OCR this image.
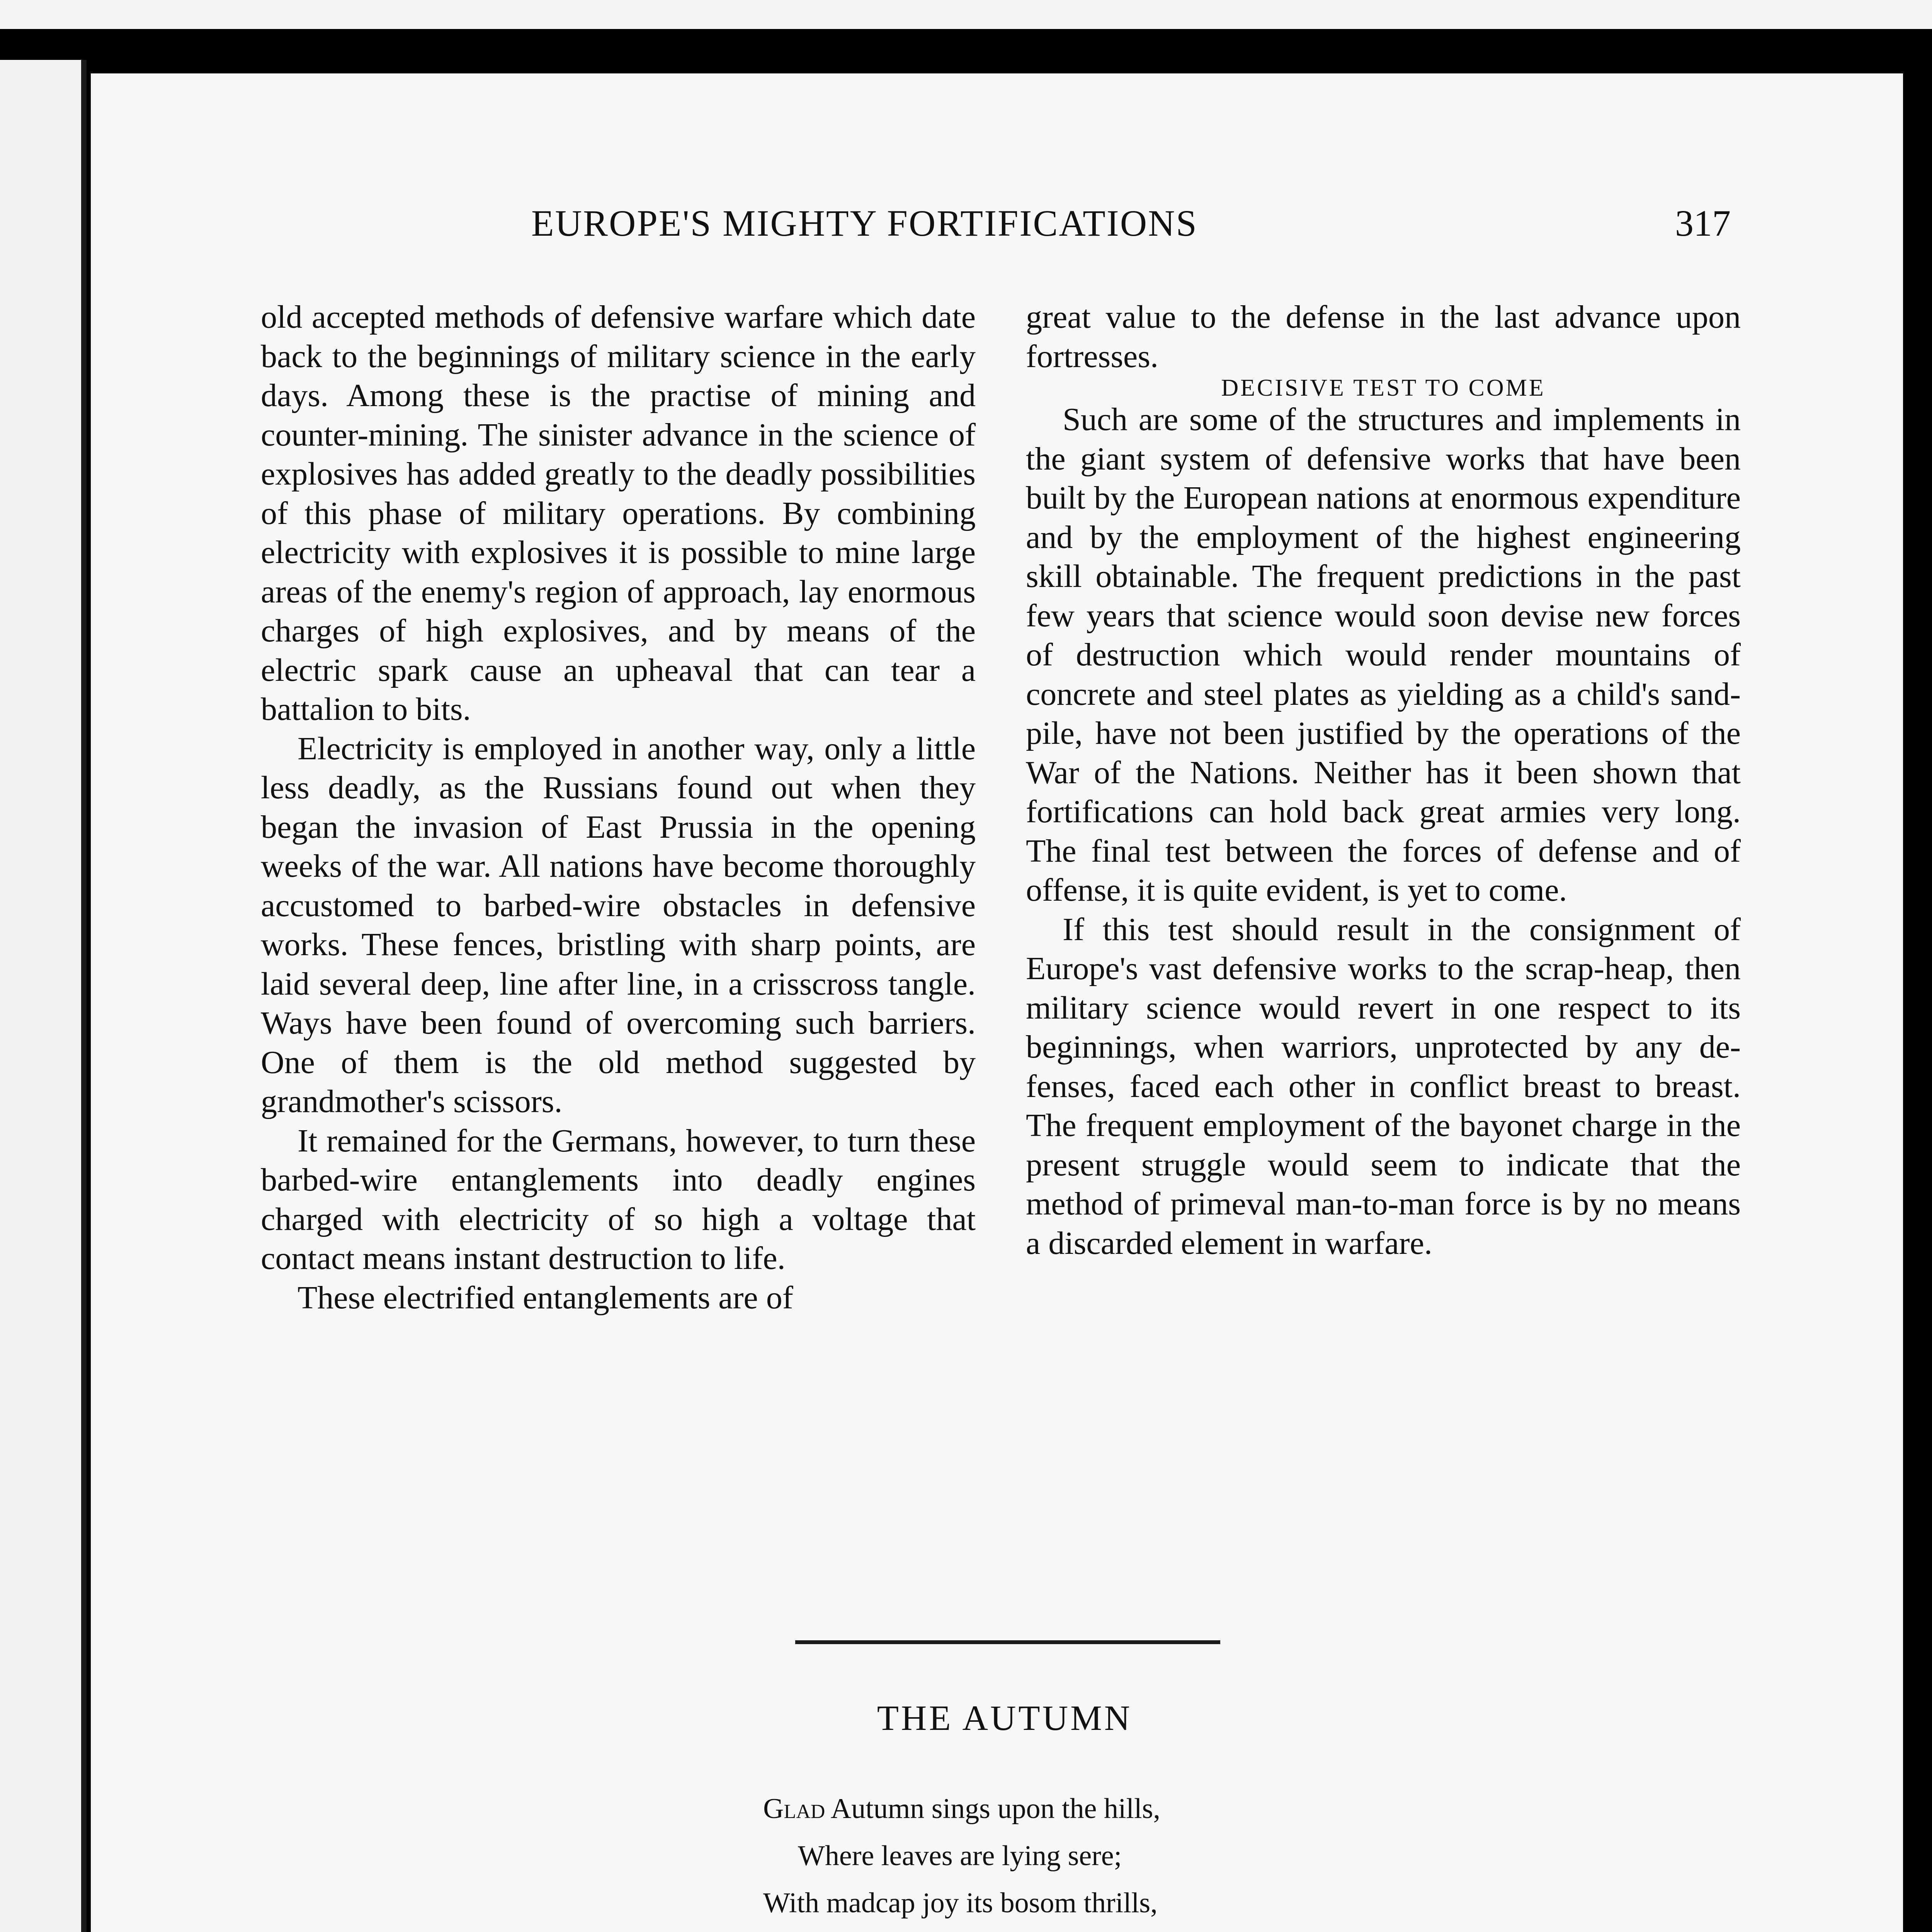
EUROPE'S MIGHTY FORTIFICATIONS	317

old accepted methods of defensive warfare which date back to the beginnings of military science in the early days. Among these is the practise of mining and counter-mining. The sinister advance in the science of explosives has added greatly to the deadly possibilities of this phase of military operations. By combining electricity with explosives it is possible to mine large areas of the enemy's region of approach, lay enormous charges of high explosives, and by means of the electric spark cause an upheaval that can tear a battalion to bits.

Electricity is employed in another way, only a little less deadly, as the Russians found out when they began the invasion of East Prussia in the opening weeks of the war. All nations have become thoroughly accustomed to barbed-wire obstacles in defensive works. These fences, bristling with sharp points, are laid several deep, line after line, in a crisscross tangle. Ways have been found of overcoming such barriers. One of them is the old method suggested by grandmother's scissors.

It remained for the Germans, however, to turn these barbed-wire entanglements into deadly engines charged with electricity of so high a voltage that contact means instant destruction to life.

These electrified entanglements are of

great value to the defense in the last advance upon fortresses.

DECISIVE TEST TO COME

Such are some of the structures and implements in the giant system of defensive works that have been built by the European nations at enormous expenditure and by the employment of the highest engineering skill obtainable. The frequent predictions in the past few years that science would soon devise new forces of destruction which would render mountains of concrete and steel plates as yielding as a child's sand-pile, have not been justified by the operations of the War of the Nations. Neither has it been shown that fortifications can hold back great armies very long. The final test between the forces of defense and of offense, it is quite evident, is yet to come.

If this test should result in the consignment of Europe's vast defensive works to the scrap-heap, then military science would revert in one respect to its beginnings, when warriors, unprotected by any defenses, faced each other in conflict breast to breast. The frequent employment of the bayonet charge in the present struggle would seem to indicate that the method of primeval man-to-man force is by no means a discarded element in warfare.

THE AUTUMN
Glad Autumn sings upon the hills,
Where leaves are lying sere;
With madcap joy its bosom thrills,
